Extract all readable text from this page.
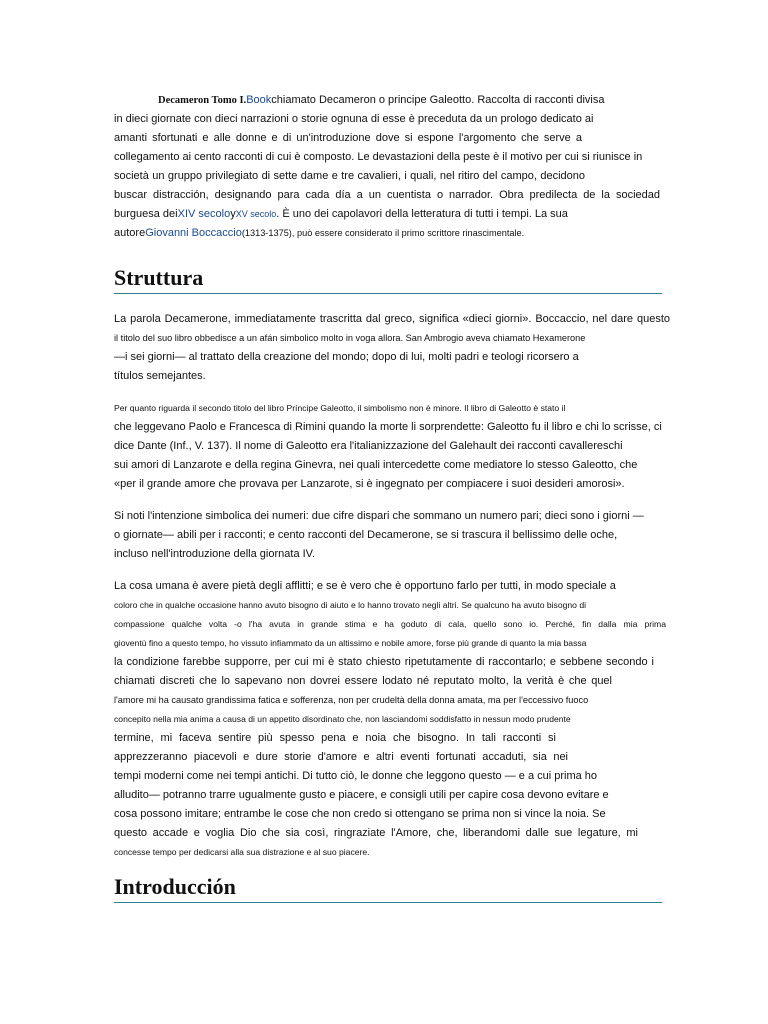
Decameron Tomo I.Bookchiamato Decameron o principe Galeotto. Raccolta di racconti divisa
in dieci giornate con dieci narrazioni o storie ognuna di esse è preceduta da un prologo dedicato ai
amanti sfortunati e alle donne e di un'introduzione dove si espone l'argomento che serve a
collegamento ai cento racconti di cui è composto. Le devastazioni della peste è il motivo per cui si riunisce in
società un gruppo privilegiato di sette dame e tre cavalieri, i quali, nel ritiro del campo, decidono
buscar distracción, designando para cada día a un cuentista o narrador. Obra predilecta de la sociedad
burguesa deiXIV secoloyXV secolo. È uno dei capolavori della letteratura di tutti i tempi. La sua
autoreGiovanni Boccaccio(1313-1375), può essere considerato il primo scrittore rinascimentale.
Struttura
La parola Decamerone, immediatamente trascritta dal greco, significa «dieci giorni». Boccaccio, nel dare questo
il titolo del suo libro obbedisce a un afán simbolico molto in voga allora. San Ambrogio aveva chiamato Hexamerone
—i sei giorni— al trattato della creazione del mondo; dopo di lui, molti padri e teologi ricorsero a
títulos semejantes.
Per quanto riguarda il secondo titolo del libro Príncipe Galeotto, il simbolismo non è minore. Il libro di Galeotto è stato il
che leggevano Paolo e Francesca di Rimini quando la morte li sorprendette: Galeotto fu il libro e chi lo scrisse, ci
dice Dante (Inf., V. 137). Il nome di Galeotto era l'italianizzazione del Galehault dei racconti cavallereschi
sui amori di Lanzarote e della regina Ginevra, nei quali intercedette come mediatore lo stesso Galeotto, che
«per il grande amore che provava per Lanzarote, si è ingegnato per compiacere i suoi desideri amorosi».
Si noti l'intenzione simbolica dei numeri: due cifre dispari che sommano un numero pari; dieci sono i giorni —
o giornate— abili per i racconti; e cento racconti del Decamerone, se si trascura il bellissimo delle oche,
incluso nell'introduzione della giornata IV.
La cosa umana è avere pietà degli afflitti; e se è vero che è opportuno farlo per tutti, in modo speciale a
coloro che in qualche occasione hanno avuto bisogno di aiuto e lo hanno trovato negli altri. Se qualcuno ha avuto bisogno di
compassione qualche volta -o l'ha avuta in grande stima e ha goduto di cala, quello sono io. Perché, fin dalla mia prima
gioventù fino a questo tempo, ho vissuto infiammato da un altissimo e nobile amore, forse più grande di quanto la mia bassa
la condizione farebbe supporre, per cui mi è stato chiesto ripetutamente di raccontarlo; e sebbene secondo i
chiamati discreti che lo sapevano non dovrei essere lodato né reputato molto, la verità è che quel
l'amore mi ha causato grandissima fatica e sofferenza, non per crudeltà della donna amata, ma per l'eccessivo fuoco
concepito nella mia anima a causa di un appetito disordinato che, non lasciandomi soddisfatto in nessun modo prudente
termine, mi faceva sentire più spesso pena e noia che bisogno. In tali racconti si
apprezzeranno piacevoli e dure storie d'amore e altri eventi fortunati accaduti, sia nei
tempi moderni come nei tempi antichi. Di tutto ciò, le donne che leggono questo — e a cui prima ho
alludito— potranno trarre ugualmente gusto e piacere, e consigli utili per capire cosa devono evitare e
cosa possono imitare; entrambe le cose che non credo si ottengano se prima non si vince la noia. Se
questo accade e voglia Dio che sia così, ringraziate l'Amore, che, liberandomi dalle sue legature, mi
concesse tempo per dedicarsi alla sua distrazione e al suo piacere.
Introducción
